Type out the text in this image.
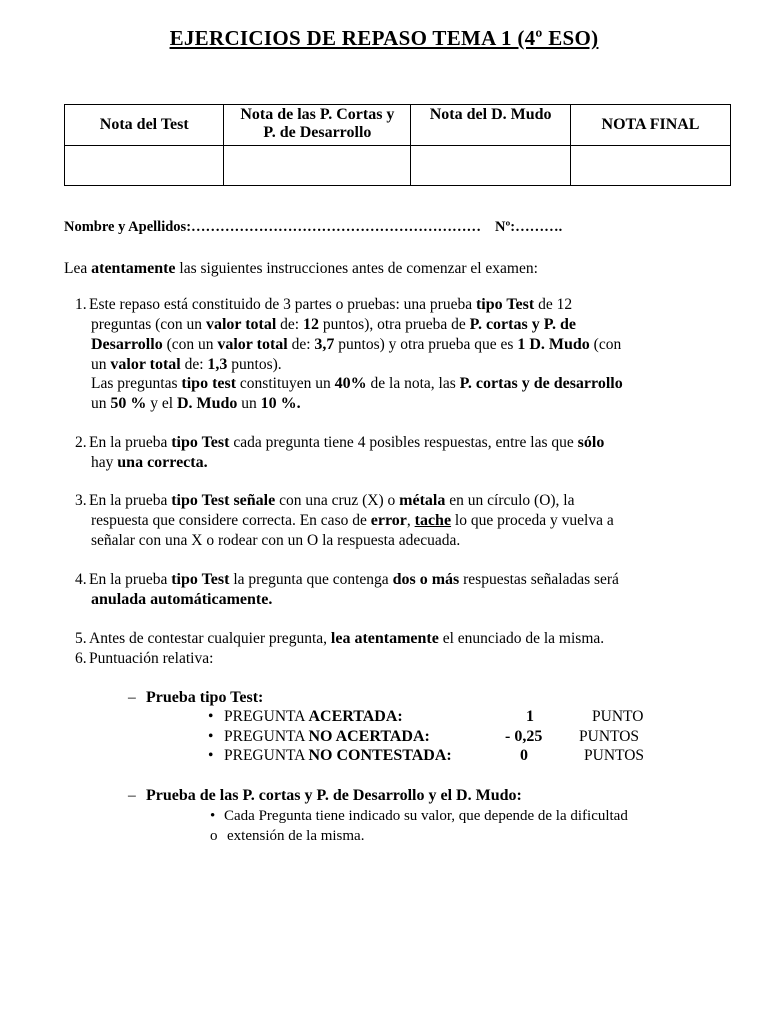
EJERCICIOS DE REPASO TEMA 1 (4º ESO)
Nota del Test	Nota de las P. Cortas y
P. de Desarrollo	Nota del D. Mudo	NOTA FINAL

Nombre y Apellidos:…………………………………………………… Nº:……….
Lea atentamente las siguientes instrucciones antes de comenzar el examen:
1. Este repaso está constituido de 3 partes o pruebas: una prueba tipo Test de 12
preguntas (con un valor total de: 12 puntos), otra prueba de P. cortas y P. de
Desarrollo (con un valor total de: 3,7 puntos) y otra prueba que es 1 D. Mudo (con
un valor total de: 1,3 puntos).
Las preguntas tipo test constituyen un 40% de la nota, las P. cortas y de desarrollo
un 50 % y el D. Mudo un 10 %.
2. En la prueba tipo Test cada pregunta tiene 4 posibles respuestas, entre las que sólo
hay una correcta.
3. En la prueba tipo Test señale con una cruz (X) o métala en un círculo (O), la
respuesta que considere correcta. En caso de error, tache lo que proceda y vuelva a
señalar con una X o rodear con un O la respuesta adecuada.
4. En la prueba tipo Test la pregunta que contenga dos o más respuestas señaladas será
anulada automáticamente.
5. Antes de contestar cualquier pregunta, lea atentamente el enunciado de la misma.
6. Puntuación relativa:
– Prueba tipo Test:
• PREGUNTA ACERTADA:	1	PUNTO
• PREGUNTA NO ACERTADA:	- 0,25 PUNTOS
• PREGUNTA NO CONTESTADA:	0	PUNTOS
– Prueba de las P. cortas y P. de Desarrollo y el D. Mudo:
• Cada Pregunta tiene indicado su valor, que depende de la dificultad
o extensión de la misma.
